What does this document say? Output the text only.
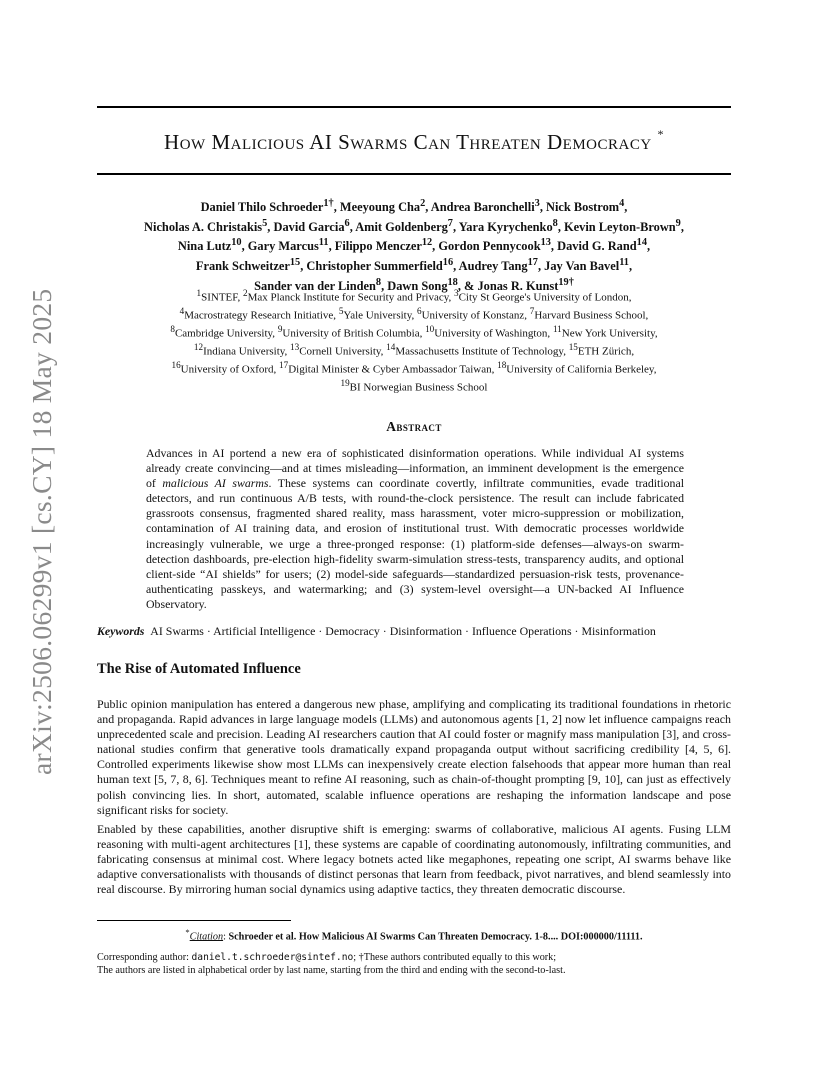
arXiv:2506.06299v1 [cs.CY] 18 May 2025
How Malicious AI Swarms Can Threaten Democracy *
Daniel Thilo Schroeder$^{1\dagger}$, Meeyoung Cha$^2$, Andrea Baronchelli$^3$, Nick Bostrom$^4$,
Nicholas A. Christakis$^5$, David Garcia$^6$, Amit Goldenberg$^7$, Yara Kyrychenko$^8$, Kevin Leyton-Brown$^9$,
Nina Lutz$^{10}$, Gary Marcus$^{11}$, Filippo Menczer$^{12}$, Gordon Pennycook$^{13}$, David G. Rand$^{14}$,
Frank Schweitzer$^{15}$, Christopher Summerfield$^{16}$, Audrey Tang$^{17}$, Jay Van Bavel$^{11}$,
Sander van der Linden$^8$, Dawn Song$^{18}$, & Jonas R. Kunst$^{19\dagger}$
$^1$SINTEF, $^2$Max Planck Institute for Security and Privacy, $^3$City St George's University of London,
$^4$Macrostrategy Research Initiative, $^5$Yale University, $^6$University of Konstanz, $^7$Harvard Business School,
$^8$Cambridge University, $^9$University of British Columbia, $^{10}$University of Washington, $^{11}$New York University,
$^{12}$Indiana University, $^{13}$Cornell University, $^{14}$Massachusetts Institute of Technology, $^{15}$ETH Zürich,
$^{16}$University of Oxford, $^{17}$Digital Minister & Cyber Ambassador Taiwan, $^{18}$University of California Berkeley,
$^{19}$BI Norwegian Business School
Abstract
Advances in AI portend a new era of sophisticated disinformation operations. While individual AI systems already create convincing—and at times misleading—information, an imminent development is the emergence of malicious AI swarms. These systems can coordinate covertly, infiltrate communities, evade traditional detectors, and run continuous A/B tests, with round-the-clock persistence. The result can include fabricated grassroots consensus, fragmented shared reality, mass harassment, voter micro-suppression or mobilization, contamination of AI training data, and erosion of institutional trust. With democratic processes worldwide increasingly vulnerable, we urge a three-pronged response: (1) platform-side defenses—always-on swarm-detection dashboards, pre-election high-fidelity swarm-simulation stress-tests, transparency audits, and optional client-side “AI shields” for users; (2) model-side safeguards—standardized persuasion-risk tests, provenance-authenticating passkeys, and watermarking; and (3) system-level oversight—a UN-backed AI Influence Observatory.
Keywords AI Swarms · Artificial Intelligence · Democracy · Disinformation · Influence Operations · Misinformation
The Rise of Automated Influence
Public opinion manipulation has entered a dangerous new phase, amplifying and complicating its traditional foundations in rhetoric and propaganda. Rapid advances in large language models (LLMs) and autonomous agents [1, 2] now let influence campaigns reach unprecedented scale and precision. Leading AI researchers caution that AI could foster or magnify mass manipulation [3], and cross-national studies confirm that generative tools dramatically expand propaganda output without sacrificing credibility [4, 5, 6]. Controlled experiments likewise show most LLMs can inexpensively create election falsehoods that appear more human than real human text [5, 7, 8, 6]. Techniques meant to refine AI reasoning, such as chain-of-thought prompting [9, 10], can just as effectively polish convincing lies. In short, automated, scalable influence operations are reshaping the information landscape and pose significant risks for society.
Enabled by these capabilities, another disruptive shift is emerging: swarms of collaborative, malicious AI agents. Fusing LLM reasoning with multi-agent architectures [1], these systems are capable of coordinating autonomously, infiltrating communities, and fabricating consensus at minimal cost. Where legacy botnets acted like megaphones, repeating one script, AI swarms behave like adaptive conversationalists with thousands of distinct personas that learn from feedback, pivot narratives, and blend seamlessly into real discourse. By mirroring human social dynamics using adaptive tactics, they threaten democratic discourse.
*Citation: Schroeder et al. How Malicious AI Swarms Can Threaten Democracy. 1-8.... DOI:000000/11111.
Corresponding author: daniel.t.schroeder@sintef.no; †These authors contributed equally to this work;
The authors are listed in alphabetical order by last name, starting from the third and ending with the second-to-last.
